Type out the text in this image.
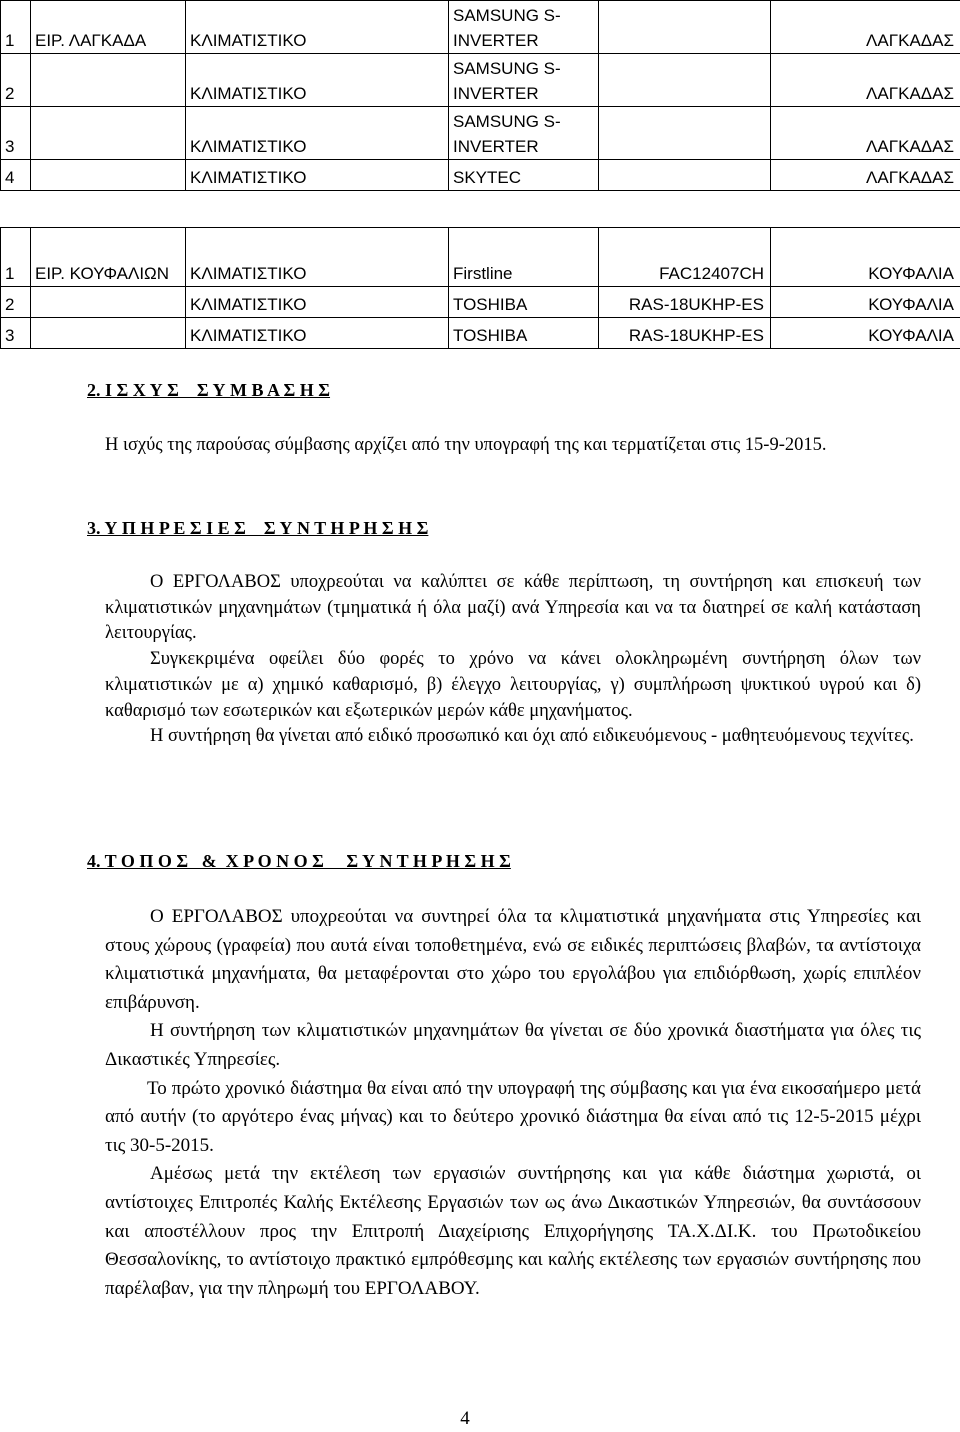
1	ΕΙΡ. ΛΑΓΚΑΔΑ	ΚΛΙΜΑΤΙΣΤΙΚΟ	SAMSUNG S-INVERTER		ΛΑΓΚΑΔΑΣ
2		ΚΛΙΜΑΤΙΣΤΙΚΟ	SAMSUNG S-INVERTER		ΛΑΓΚΑΔΑΣ
3		ΚΛΙΜΑΤΙΣΤΙΚΟ	SAMSUNG S-INVERTER		ΛΑΓΚΑΔΑΣ
4		ΚΛΙΜΑΤΙΣΤΙΚΟ	SKYTEC		ΛΑΓΚΑΔΑΣ
1	ΕΙΡ. ΚΟΥΦΑΛΙΩΝ	ΚΛΙΜΑΤΙΣΤΙΚΟ	Firstline	FAC12407CH	ΚΟΥΦΑΛΙΑ
2		ΚΛΙΜΑΤΙΣΤΙΚΟ	TOSHIBA	RAS-18UKHP-ES	ΚΟΥΦΑΛΙΑ
3		ΚΛΙΜΑΤΙΣΤΙΚΟ	TOSHIBA	RAS-18UKHP-ES	ΚΟΥΦΑΛΙΑ
2. Ι Σ Χ Υ Σ    Σ Υ Μ Β Α Σ Η Σ

Η ισχύς της παρούσας σύμβασης αρχίζει από την υπογραφή της και τερματίζεται στις 15-9-2015.

3. Υ Π Η Ρ Ε Σ Ι Ε Σ    Σ Υ Ν Τ Η Ρ Η Σ Η Σ

Ο ΕΡΓΟΛΑΒΟΣ υποχρεούται να καλύπτει σε κάθε περίπτωση, τη συντήρηση και επισκευή των κλιματιστικών μηχανημάτων (τμηματικά ή όλα μαζί) ανά Υπηρεσία και να τα διατηρεί σε καλή κατάσταση λειτουργίας.

Συγκεκριμένα οφείλει δύο φορές το χρόνο να κάνει ολοκληρωμένη συντήρηση όλων των κλιματιστικών με α) χημικό καθαρισμό, β) έλεγχο λειτουργίας, γ) συμπλήρωση ψυκτικού υγρού και δ) καθαρισμό των εσωτερικών και εξωτερικών μερών κάθε μηχανήματος.

Η συντήρηση θα γίνεται από ειδικό προσωπικό και όχι από ειδικευόμενους - μαθητευόμενους τεχνίτες.

4. Τ Ο Π Ο Σ   &  Χ Ρ Ο Ν Ο Σ     Σ Υ Ν Τ Η Ρ Η Σ Η Σ

Ο ΕΡΓΟΛΑΒΟΣ υποχρεούται να συντηρεί όλα τα κλιματιστικά μηχανήματα στις Υπηρεσίες και στους χώρους (γραφεία) που αυτά είναι τοποθετημένα, ενώ σε ειδικές περιπτώσεις βλαβών, τα αντίστοιχα κλιματιστικά μηχανήματα, θα μεταφέρονται στο χώρο του εργολάβου για επιδιόρθωση, χωρίς επιπλέον επιβάρυνση.

Η συντήρηση των κλιματιστικών μηχανημάτων θα γίνεται σε δύο χρονικά διαστήματα για όλες τις Δικαστικές Υπηρεσίες.

Το πρώτο χρονικό διάστημα θα είναι από την υπογραφή της σύμβασης και για ένα εικοσαήμερο μετά από αυτήν (το αργότερο ένας μήνας) και το δεύτερο χρονικό διάστημα θα είναι από τις 12-5-2015 μέχρι τις 30-5-2015.

Αμέσως μετά την εκτέλεση των εργασιών συντήρησης και για κάθε διάστημα χωριστά, οι αντίστοιχες Επιτροπές Καλής Εκτέλεσης Εργασιών των ως άνω Δικαστικών Υπηρεσιών, θα συντάσσουν και αποστέλλουν προς την Επιτροπή Διαχείρισης Επιχορήγησης ΤΑ.Χ.ΔΙ.Κ. του Πρωτοδικείου Θεσσαλονίκης, το αντίστοιχο πρακτικό εμπρόθεσμης και καλής εκτέλεσης των εργασιών συντήρησης που παρέλαβαν, για την πληρωμή του ΕΡΓΟΛΑΒΟΥ.

4
